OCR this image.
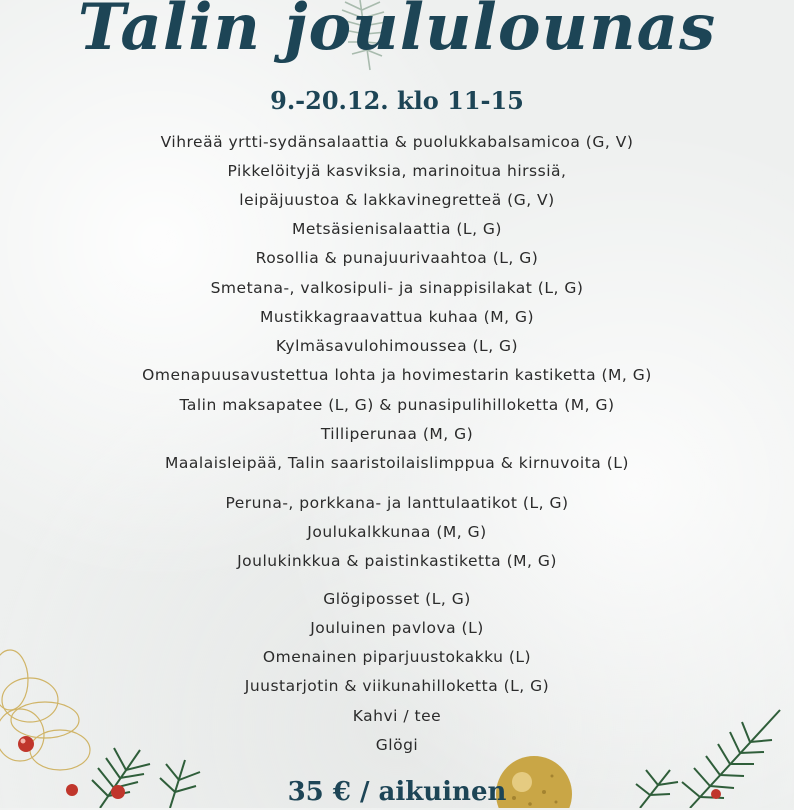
Talin joululounas
9.-20.12. klo 11-15
Vihreää yrtti-sydänsalaattia & puolukkabalsamicoa (G, V)
Pikkelöityjä kasviksia, marinoitua hirssiä,
leipäjuustoa & lakkavinegretteä (G, V)
Metsäsienisalaattia (L, G)
Rosollia & punajuurivaahtoa (L, G)
Smetana-, valkosipuli- ja sinappisilakat (L, G)
Mustikkagraavattua kuhaa (M, G)
Kylmäsavulohimoussea (L, G)
Omenapuusavustettua lohta ja hovimestarin kastiketta (M, G)
Talin maksapatee (L, G) & punasipulihilloketta (M, G)
Tilliperunaa (M, G)
Maalaisleipää, Talin saaristoilaislimppua & kirnuvoita (L)
Peruna-, porkkana- ja lanttulaatikot (L, G)
Joulukalkkunaa (M, G)
Joulukinkkua & paistinkastiketta (M, G)
Glögiposset (L, G)
Jouluinen pavlova (L)
Omenainen piparjuustokakku (L)
Juustarjotin & viikunahilloketta (L, G)
Kahvi / tee
Glögi
35 € / aikuinen
